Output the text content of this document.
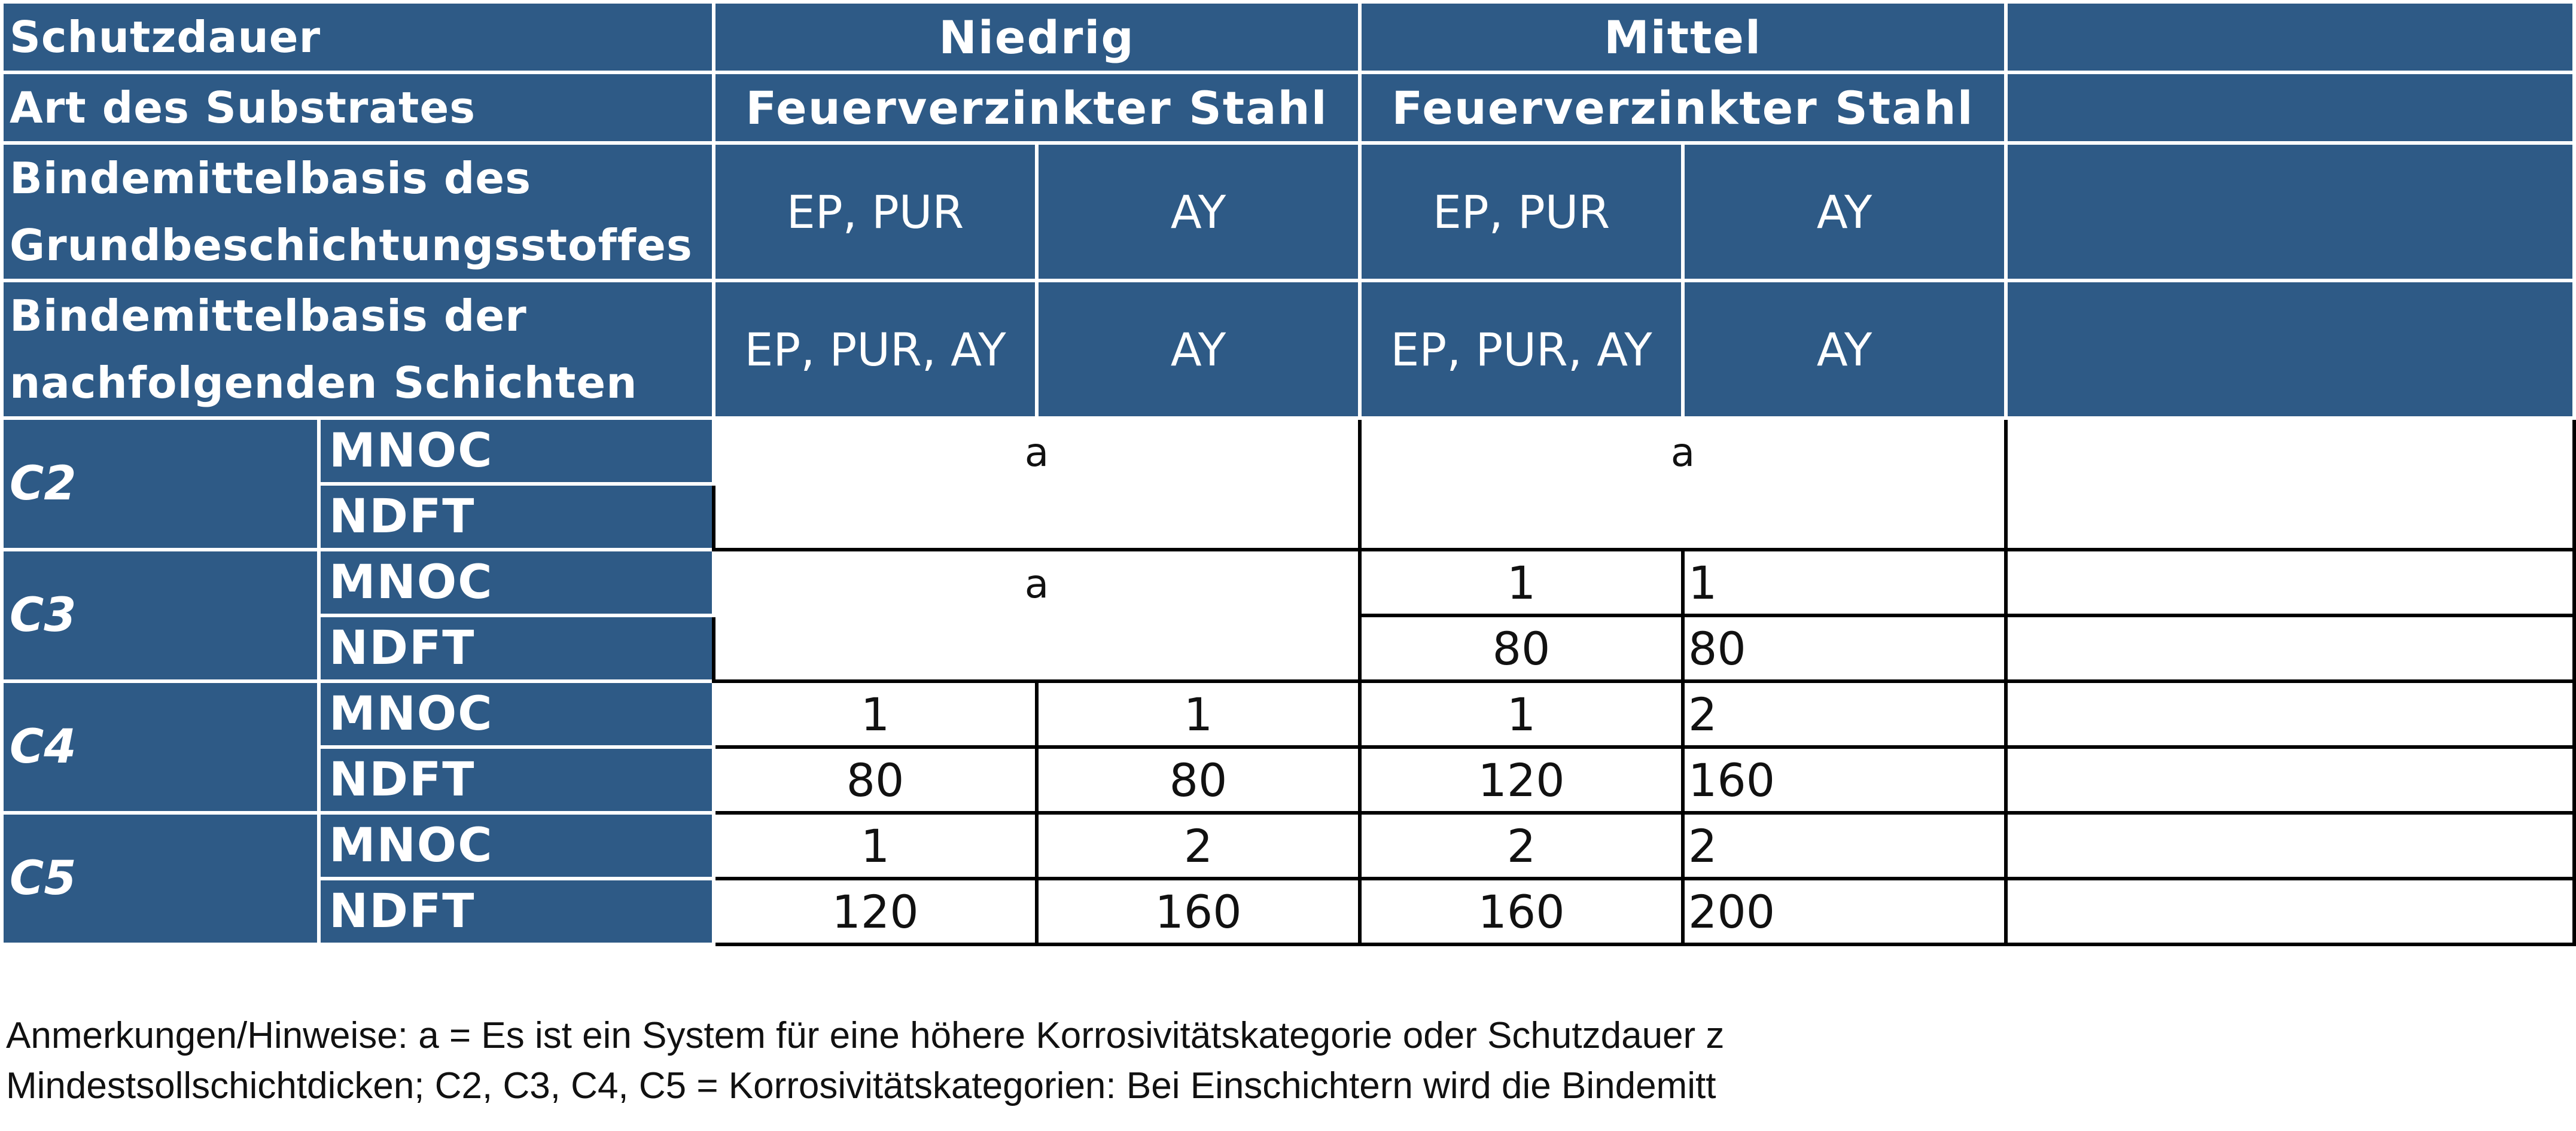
Schutzdauer		Niedrig		Mittel		
Art des Substrates		Feuerverzinkter Stahl		Feuerverzinkter Stahl		
Bindemittelbasis des Grundbeschichtungsstoffes		EP, PUR	AY	EP, PUR	AY	
Bindemittelbasis der nachfolgenden Schichten		EP, PUR, AY	AY	EP, PUR, AY	AY	
C2	MNOC	a		a		
	NDFT					
C3	MNOC	a		1	1	
	NDFT			80	80	
C4	MNOC	1	1	1	2	
	NDFT	80	80	120	160	
C5	MNOC	1	2	2	2	
	NDFT	120	160	160	200	
Anmerkungen/Hinweise: a = Es ist ein System für eine höhere Korrosivitätskategorie oder Schutzdauer z
Mindestsollschichtdicken; C2, C3, C4, C5 = Korrosivitätskategorien: Bei Einschichtern wird die Bindemitt
